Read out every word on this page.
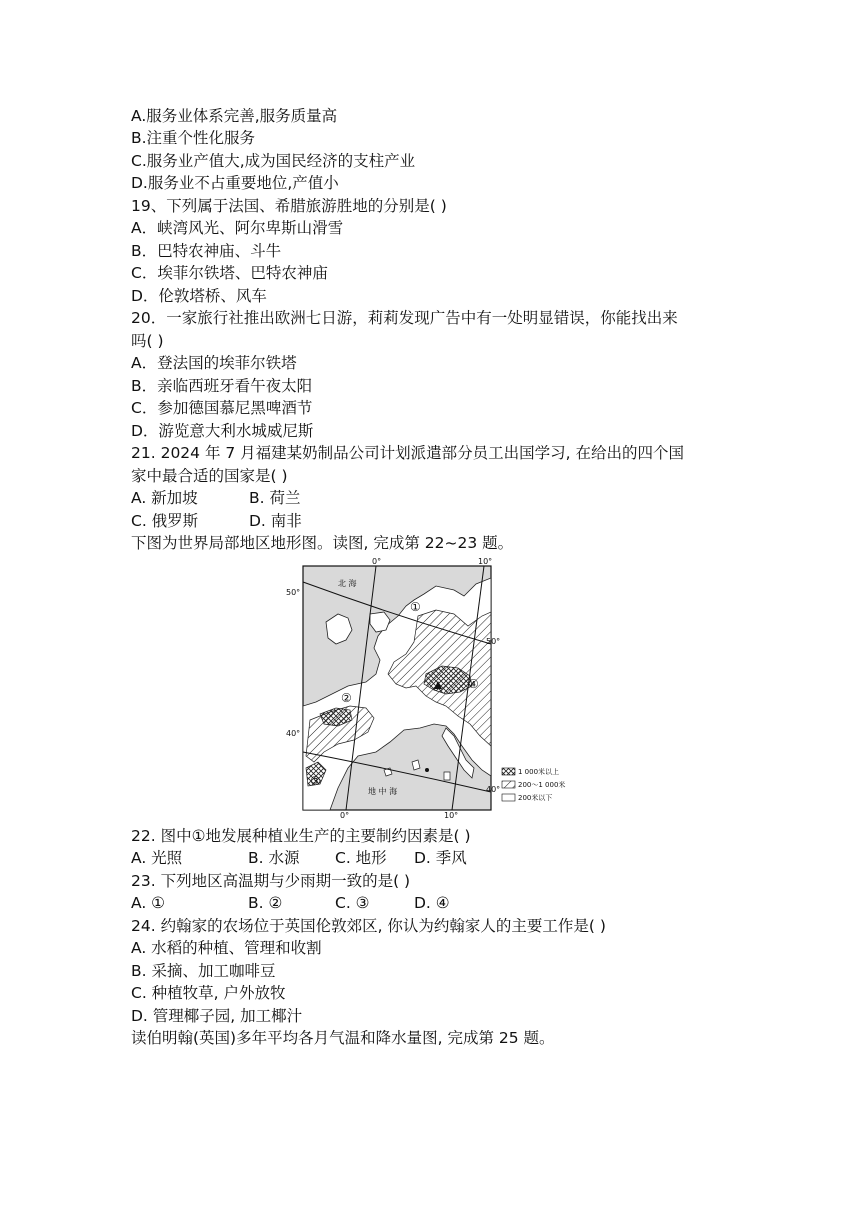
A.服务业体系完善,服务质量高
B.注重个性化服务
C.服务业产值大,成为国民经济的支柱产业
D.服务业不占重要地位,产值小
19、下列属于法国、希腊旅游胜地的分别是( )
A．峡湾风光、阿尔卑斯山滑雪
B．巴特农神庙、斗牛
C．埃菲尔铁塔、巴特农神庙
D．伦敦塔桥、风车
20．一家旅行社推出欧洲七日游，莉莉发现广告中有一处明显错误，你能找出来
吗( )
A．登法国的埃菲尔铁塔
B．亲临西班牙看午夜太阳
C．参加德国慕尼黑啤酒节
D．游览意大利水城威尼斯
21. 2024 年 7 月福建某奶制品公司计划派遣部分员工出国学习, 在给出的四个国
家中最合适的国家是( )
A. 新加坡	B. 荷兰
C. 俄罗斯	D. 南非
下图为世界局部地区地形图。读图, 完成第 22~23 题。
北 海
地 中 海
0°	10°
0°	10°
50°
40°
50°
40°
①
②
③
④
1 000米以上
200～1 000米
200米以下
22. 图中①地发展种植业生产的主要制约因素是( )
A. 光照	B. 水源 C. 地形 D. 季风
23. 下列地区高温期与少雨期一致的是( )
A. ①	B. ②	C. ③	D. ④
24. 约翰家的农场位于英国伦敦郊区, 你认为约翰家人的主要工作是( )
A. 水稻的种植、管理和收割
B. 采摘、加工咖啡豆
C. 种植牧草, 户外放牧
D. 管理椰子园, 加工椰汁
读伯明翰(英国)多年平均各月气温和降水量图, 完成第 25 题。
